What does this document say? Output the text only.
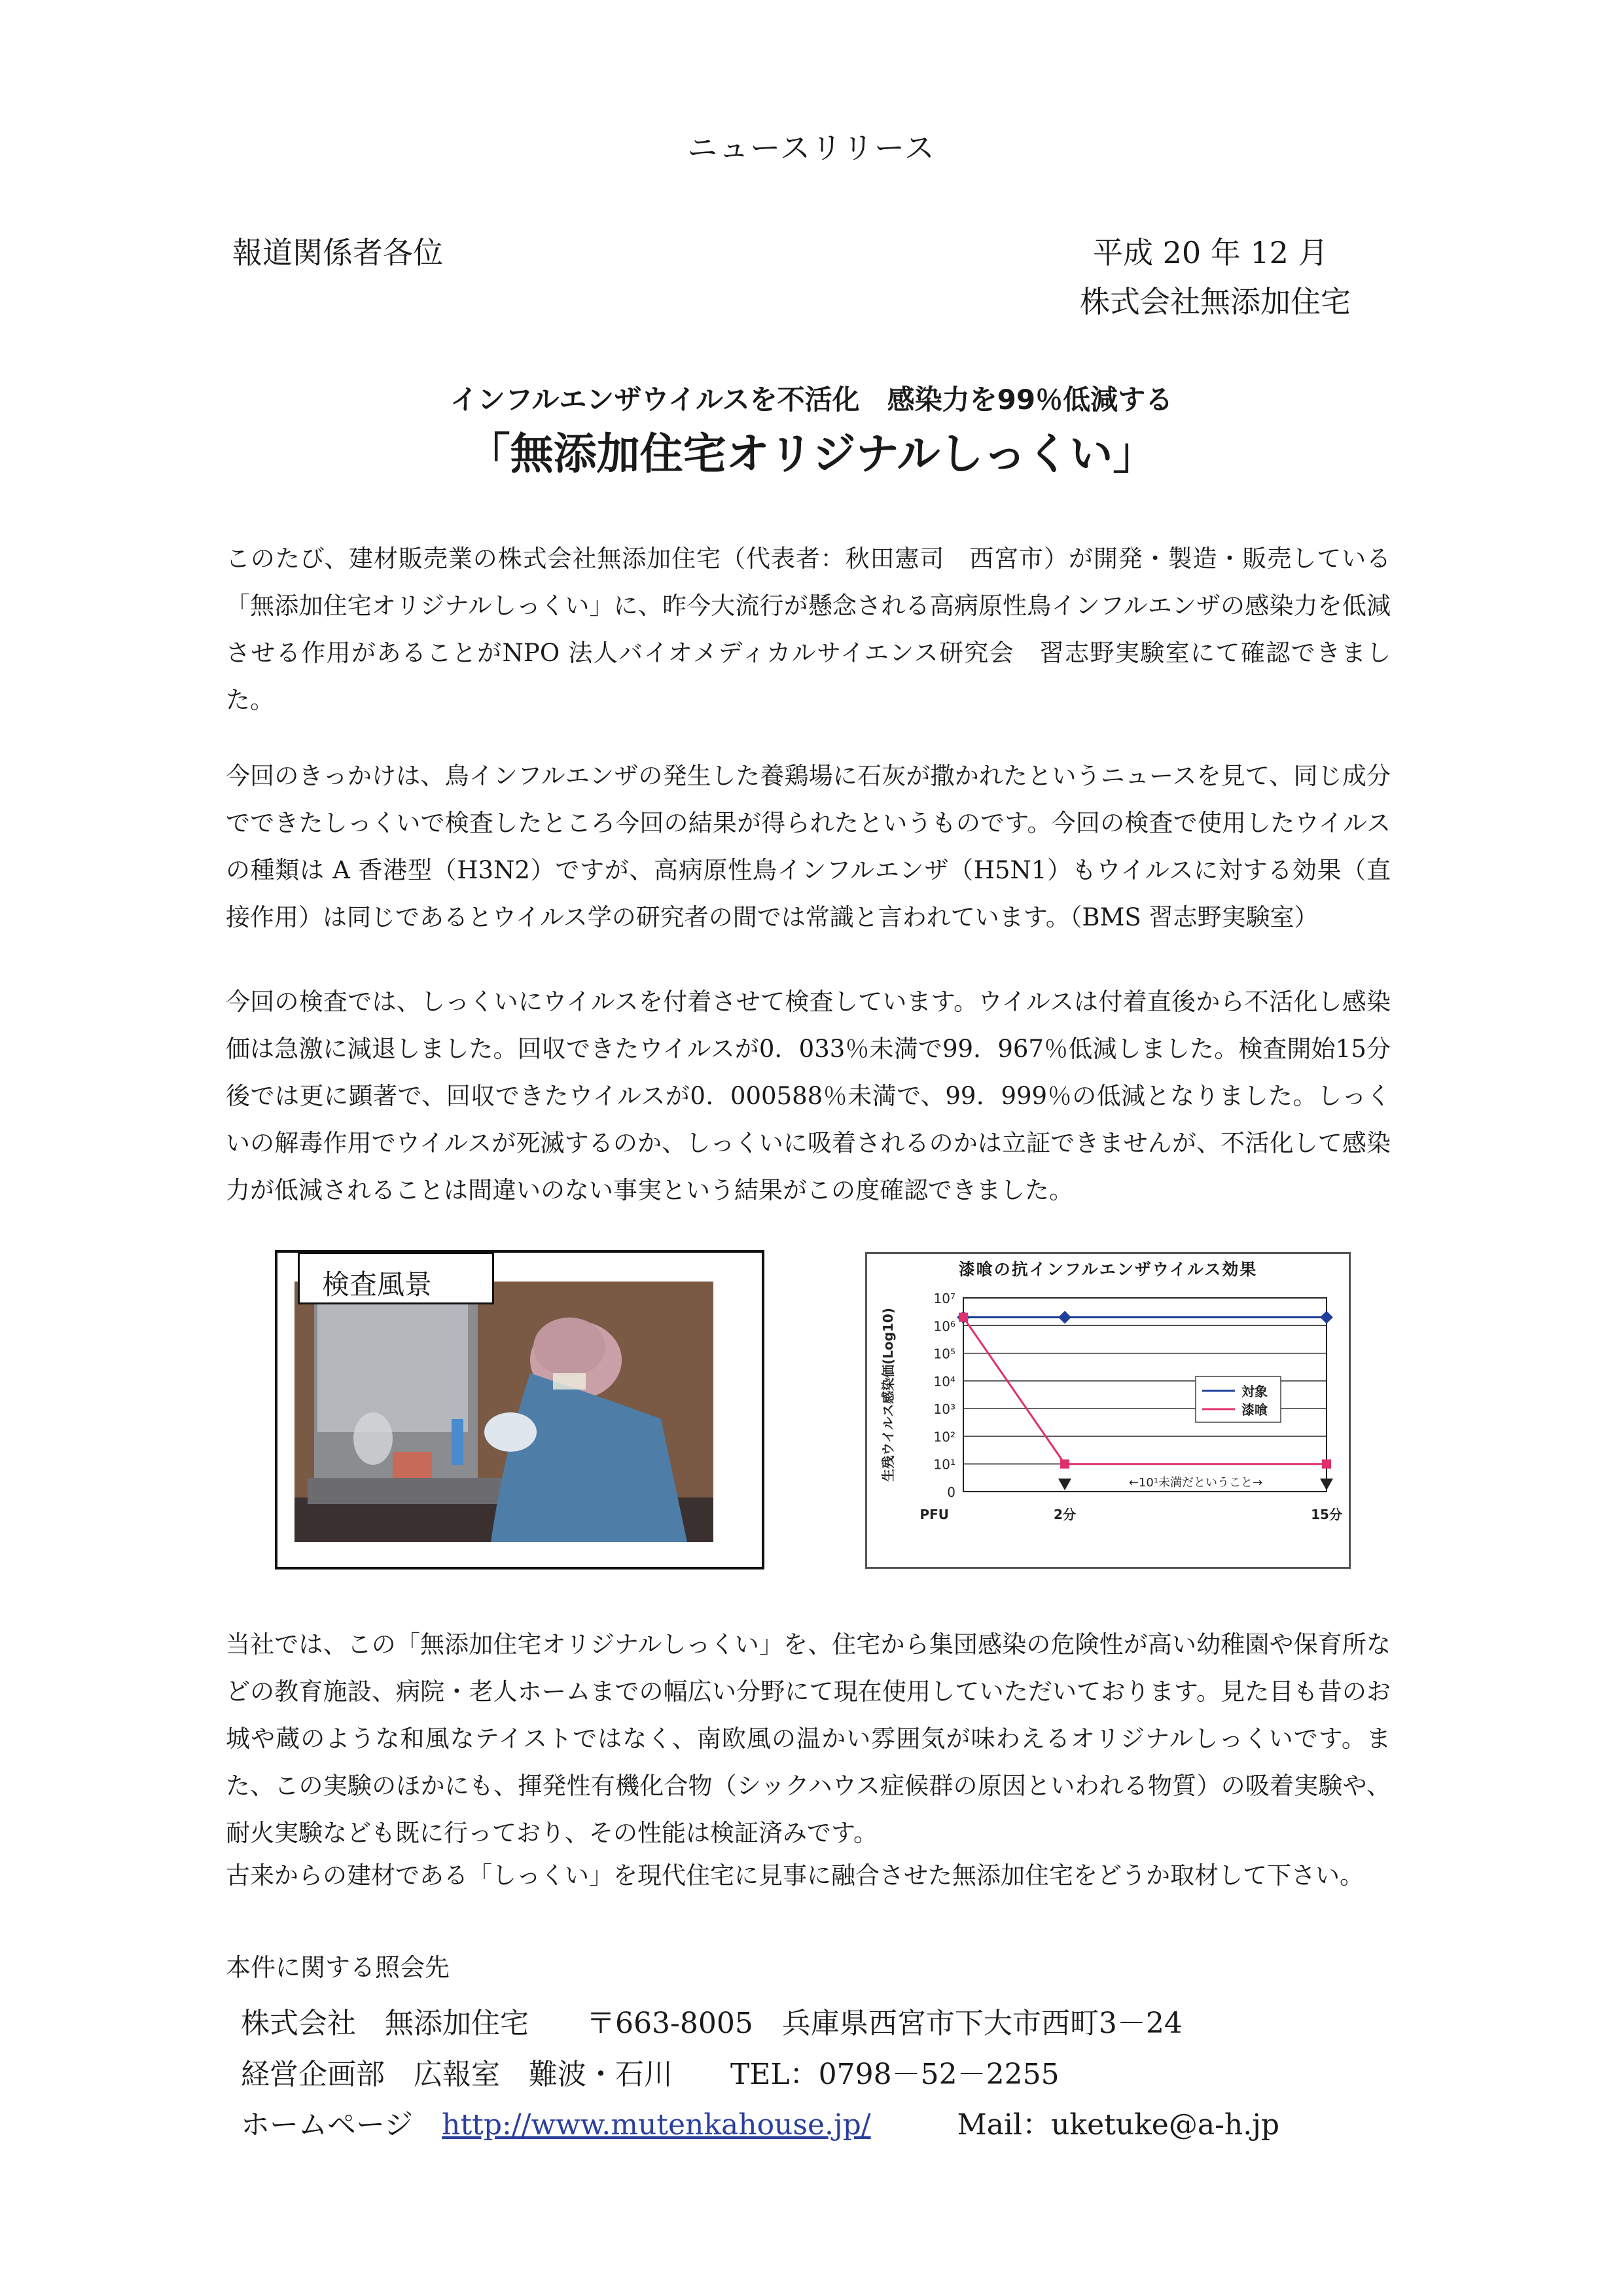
ニュースリリース
報道関係者各位	平成 20 年 12 月
株式会社無添加住宅
インフルエンザウイルスを不活化　感染力を99％低減する
「無添加住宅オリジナルしっくい」
このたび、建材販売業の株式会社無添加住宅（代表者：秋田憲司　西宮市）が開発・製造・販売している「無添加住宅オリジナルしっくい」に、昨今大流行が懸念される高病原性鳥インフルエンザの感染力を低減させる作用があることがNPO 法人バイオメディカルサイエンス研究会　習志野実験室にて確認できました。
今回のきっかけは、鳥インフルエンザの発生した養鶏場に石灰が撒かれたというニュースを見て、同じ成分でできたしっくいで検査したところ今回の結果が得られたというものです。今回の検査で使用したウイルスの種類は A 香港型（H3N2）ですが、高病原性鳥インフルエンザ（H5N1）もウイルスに対する効果（直接作用）は同じであるとウイルス学の研究者の間では常識と言われています。（BMS 習志野実験室）
今回の検査では、しっくいにウイルスを付着させて検査しています。ウイルスは付着直後から不活化し感染価は急激に減退しました。回収できたウイルスが0．033％未満で99．967％低減しました。検査開始15分後では更に顕著で、回収できたウイルスが0．000588％未満で、99．999％の低減となりました。しっくいの解毒作用でウイルスが死滅するのか、しっくいに吸着されるのかは立証できませんが、不活化して感染力が低減されることは間違いのない事実という結果がこの度確認できました。
検査風景	漆喰の抗インフルエンザウイルス効果
0
10¹
10²
10³
10⁴
10⁵
10⁶
10⁷
PFU
生残ウイルス感染価(Log10)
2分	15分
←10¹未満だということ→
対象
漆喰
当社では、この「無添加住宅オリジナルしっくい」を、住宅から集団感染の危険性が高い幼稚園や保育所などの教育施設、病院・老人ホームまでの幅広い分野にて現在使用していただいております。見た目も昔のお城や蔵のような和風なテイストではなく、南欧風の温かい雰囲気が味わえるオリジナルしっくいです。また、この実験のほかにも、揮発性有機化合物（シックハウス症候群の原因といわれる物質）の吸着実験や、耐火実験なども既に行っており、その性能は検証済みです。
古来からの建材である「しっくい」を現代住宅に見事に融合させた無添加住宅をどうか取材して下さい。
本件に関する照会先
株式会社　無添加住宅　　 〒663-8005　兵庫県西宮市下大市西町3－24
経営企画部　広報室　難波・石川　　 TEL：0798－52－2255
ホームページ　 http://www.mutenkahouse.jp/　　　	Mail：uketuke@a-h.jp
